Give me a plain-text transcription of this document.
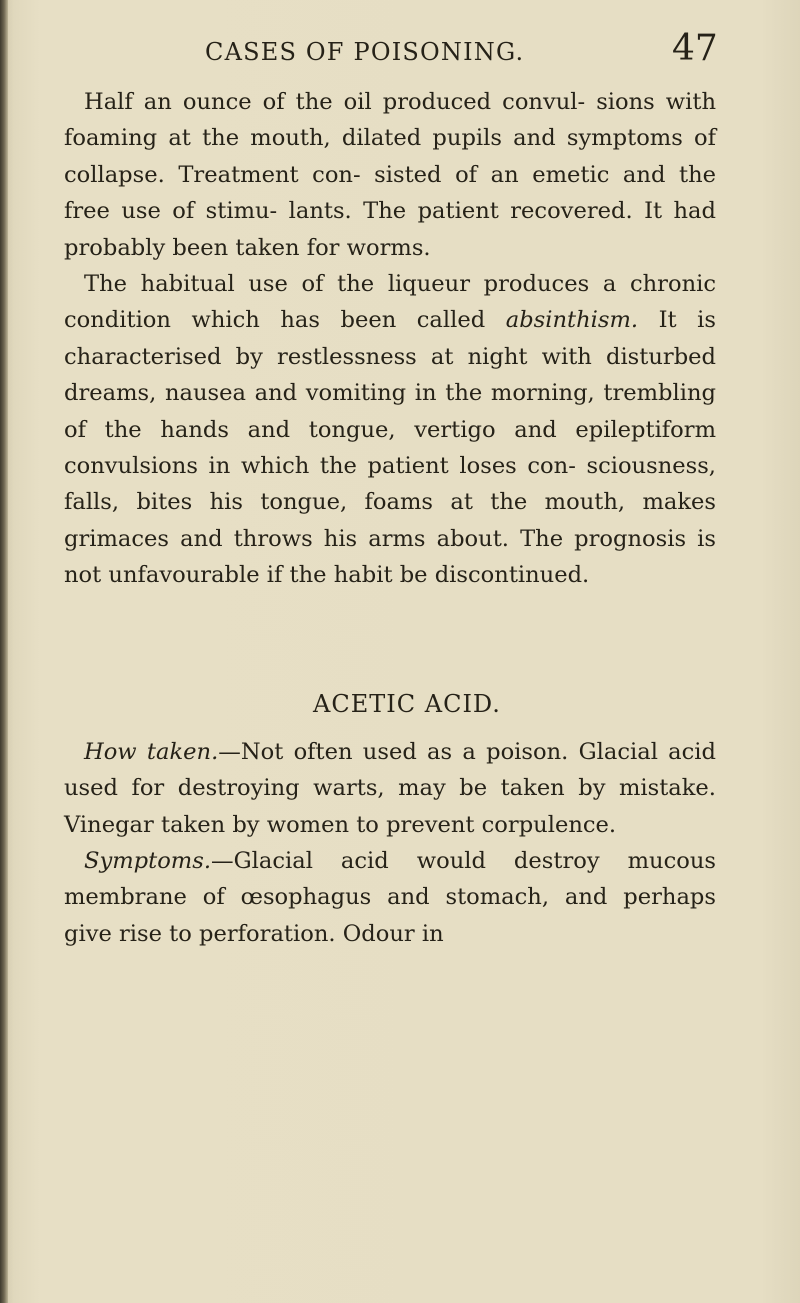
CASES OF POISONING.	47

Half an ounce of the oil produced convul- sions with foaming at the mouth, dilated pupils and symptoms of collapse. Treatment con- sisted of an emetic and the free use of stimu- lants. The patient recovered. It had probably been taken for worms.

The habitual use of the liqueur produces a chronic condition which has been called absinthism. It is characterised by restlessness at night with disturbed dreams, nausea and vomiting in the morning, trembling of the hands and tongue, vertigo and epileptiform convulsions in which the patient loses con- sciousness, falls, bites his tongue, foams at the mouth, makes grimaces and throws his arms about. The prognosis is not unfavourable if the habit be discontinued.

ACETIC ACID.

How taken.—Not often used as a poison. Glacial acid used for destroying warts, may be taken by mistake. Vinegar taken by women to prevent corpulence.

Symptoms.—Glacial acid would destroy mucous membrane of œsophagus and stomach, and perhaps give rise to perforation. Odour in
